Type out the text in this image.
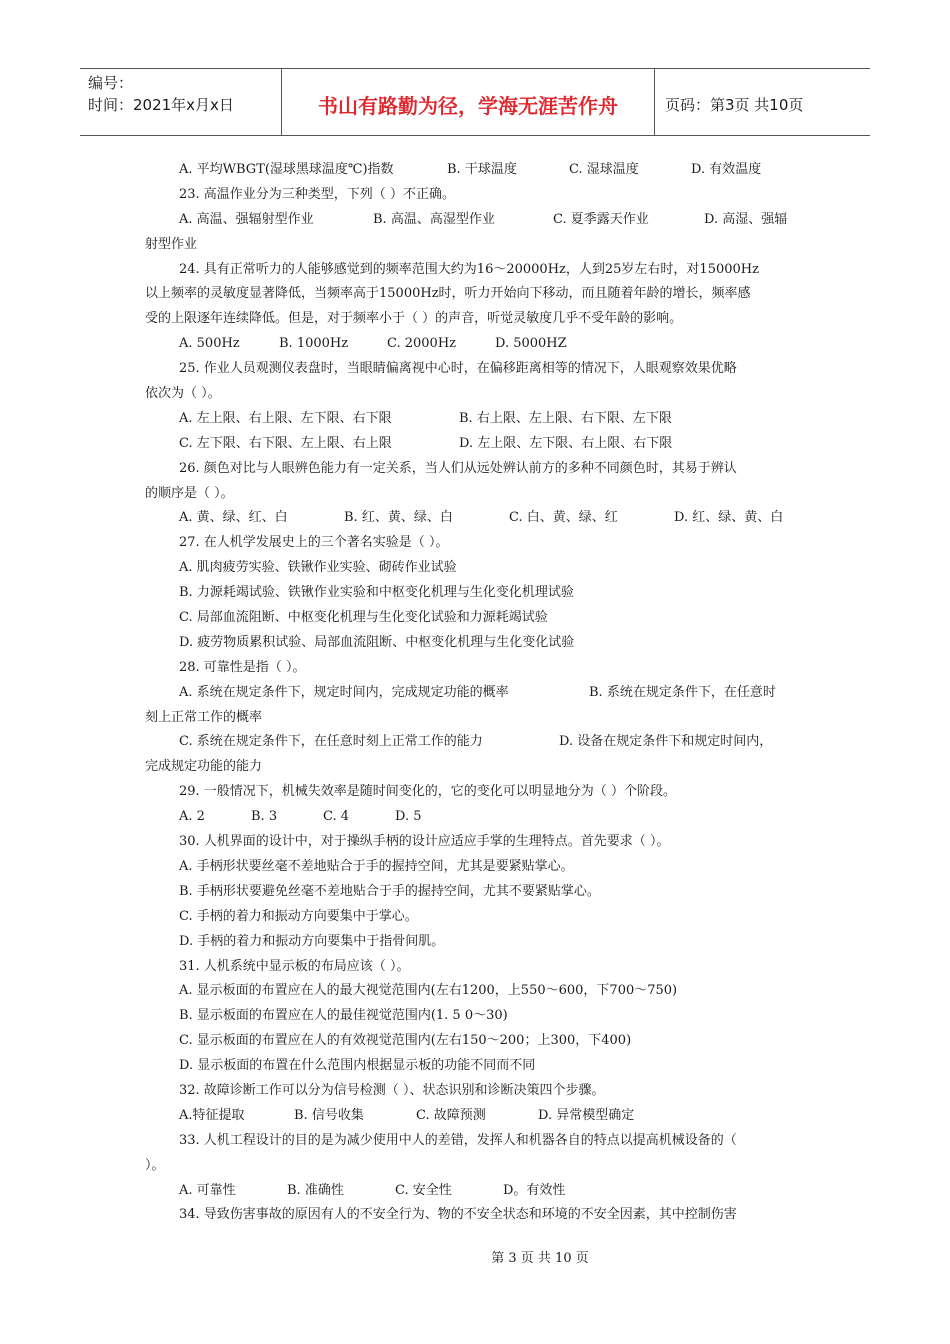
编号：
时间：2021年x月x日	书山有路勤为径，学海无涯苦作舟	页码：第3页 共10页
A. 平均WBGT(湿球黑球温度℃)指数	B. 干球温度	C. 湿球温度	D. 有效温度
23. 高温作业分为三种类型，下列（ ）不正确。
A. 高温、强辐射型作业	B. 高温、高湿型作业	C. 夏季露天作业	D. 高湿、强辐
射型作业
24. 具有正常听力的人能够感觉到的频率范围大约为16～20000Hz，人到25岁左右时，对15000Hz
以上频率的灵敏度显著降低，当频率高于15000Hz时，听力开始向下移动，而且随着年龄的增长，频率感
受的上限逐年连续降低。但是，对于频率小于（ ）的声音，听觉灵敏度几乎不受年龄的影响。
A. 500Hz	B. 1000Hz	C. 2000Hz	D. 5000HZ
25. 作业人员观测仪表盘时，当眼睛偏离视中心时，在偏移距离相等的情况下，人眼观察效果优略
依次为（ ）。
A. 左上限、右上限、左下限、右下限	B. 右上限、左上限、右下限、左下限
C. 左下限、右下限、左上限、右上限	D. 左上限、左下限、右上限、右下限
26. 颜色对比与人眼辨色能力有一定关系，当人们从远处辨认前方的多种不同颜色时，其易于辨认
的顺序是（ ）。
A. 黄、绿、红、白	B. 红、黄、绿、白	C. 白、黄、绿、红	D. 红、绿、黄、白
27. 在人机学发展史上的三个著名实验是（ ）。
A. 肌肉疲劳实验、铁锹作业实验、砌砖作业试验
B. 力源耗竭试验、铁锹作业实验和中枢变化机理与生化变化机理试验
C. 局部血流阻断、中枢变化机理与生化变化试验和力源耗竭试验
D. 疲劳物质累积试验、局部血流阻断、中枢变化机理与生化变化试验
28. 可靠性是指（ ）。
A. 系统在规定条件下，规定时间内，完成规定功能的概率	B. 系统在规定条件下，在任意时
刻上正常工作的概率
C. 系统在规定条件下，在任意时刻上正常工作的能力	D. 设备在规定条件下和规定时间内，
完成规定功能的能力
29. 一般情况下，机械失效率是随时间变化的，它的变化可以明显地分为（ ）个阶段。
A. 2	B. 3	C. 4	D. 5
30. 人机界面的设计中，对于操纵手柄的设计应适应手掌的生理特点。首先要求（ ）。
A. 手柄形状要丝毫不差地贴合于手的握持空间，尤其是要紧贴掌心。
B. 手柄形状要避免丝毫不差地贴合于手的握持空间，尤其不要紧贴掌心。
C. 手柄的着力和振动方向要集中于掌心。
D. 手柄的着力和振动方向要集中于指骨间肌。
31. 人机系统中显示板的布局应该（ ）。
A. 显示板面的布置应在人的最大视觉范围内(左右1200，上550～600，下700～750)
B. 显示板面的布置应在人的最佳视觉范围内(1. 5 0～30)
C. 显示板面的布置应在人的有效视觉范围内(左右150～200；上300，下400)
D. 显示板面的布置在什么范围内根据显示板的功能不同而不同
32. 故障诊断工作可以分为信号检测（ ）、状态识别和诊断决策四个步骤。
A.特征提取	B. 信号收集	C. 故障预测	D. 异常模型确定
33. 人机工程设计的目的是为减少使用中人的差错，发挥人和机器各自的特点以提高机械设备的（
）。
A. 可靠性	B. 准确性	C. 安全性	D。有效性
34. 导致伤害事故的原因有人的不安全行为、物的不安全状态和环境的不安全因素，其中控制伤害
第 3 页 共 10 页
